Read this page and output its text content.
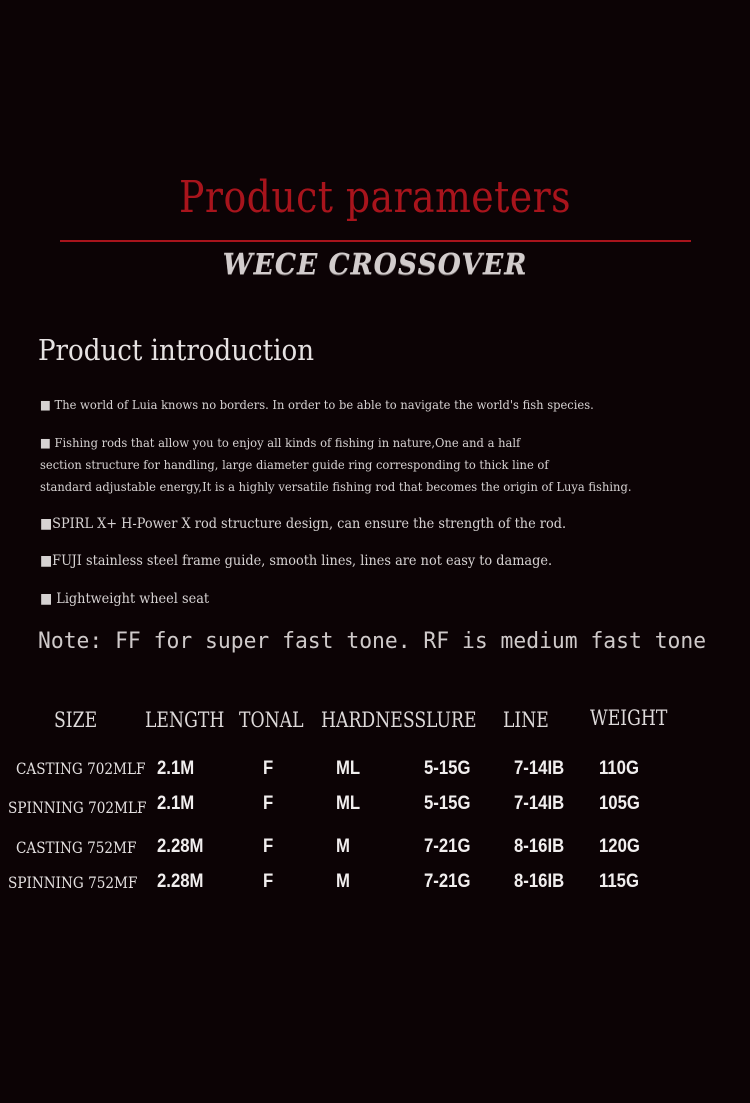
Product parameters
WECE CROSSOVER
Product introduction
■ The world of Luia knows no borders. In order to be able to navigate the world's fish species.
■ Fishing rods that allow you to enjoy all kinds of fishing in nature,One and a half
section structure for handling, large diameter guide ring corresponding to thick line of
standard adjustable energy,It is a highly versatile fishing rod that becomes the origin of Luya fishing.
■SPIRL X+ H-Power X rod structure design, can ensure the strength of the rod.
■FUJI stainless steel frame guide, smooth lines, lines are not easy to damage.
■ Lightweight wheel seat
Note: FF for super fast tone. RF is medium fast tone
SIZE LENGTH TONAL HARDNESS LURE LINE WEIGHT
CASTING 702MLF 2.1M	F	ML	5-15G 7-14IB 110G
SPINNING 702MLF 2.1M	F	ML	5-15G 7-14IB 105G
CASTING 752MF 2.28M	F	M	7-21G 8-16IB 120G
SPINNING 752MF 2.28M	F	M	7-21G 8-16IB 115G
